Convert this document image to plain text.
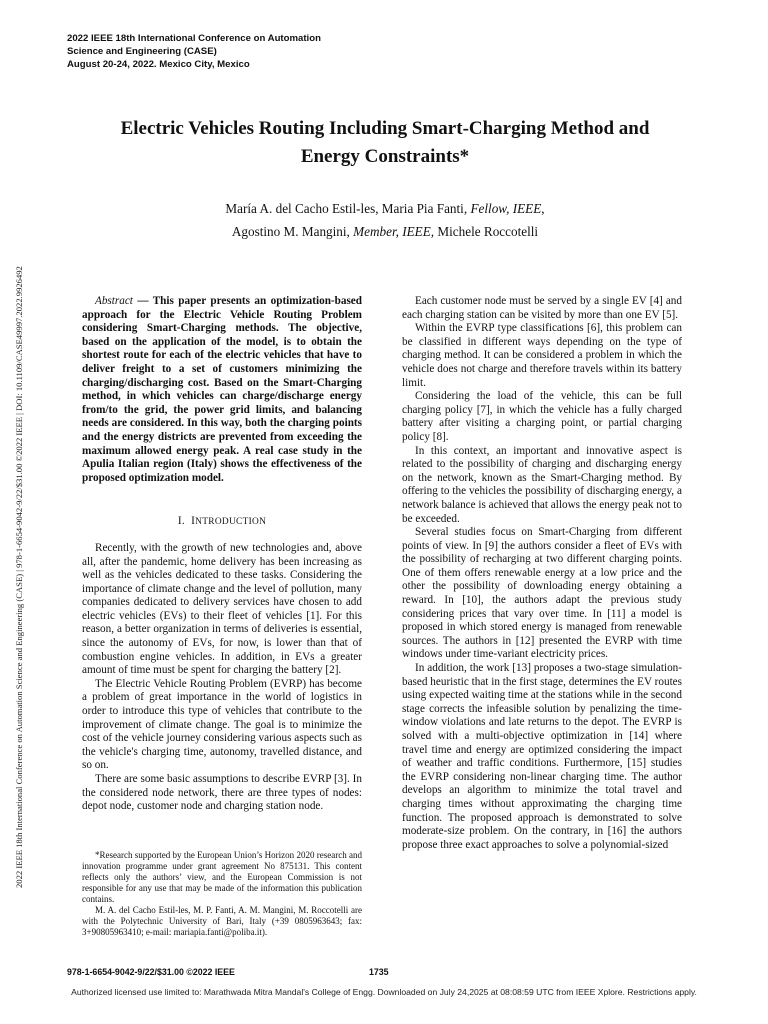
2022 IEEE 18th International Conference on Automation
Science and Engineering (CASE)
August 20-24, 2022. Mexico City, Mexico
2022 IEEE 18th International Conference on Automation Science and Engineering (CASE) | 978-1-6654-9042-9/22/$31.00 ©2022 IEEE | DOI: 10.1109/CASE49997.2022.9926492
Electric Vehicles Routing Including Smart-Charging Method and
Energy Constraints*
María A. del Cacho Estil-les, Maria Pia Fanti, Fellow, IEEE,
Agostino M. Mangini, Member, IEEE, Michele Roccotelli

Abstract — This paper presents an optimization-based approach for the Electric Vehicle Routing Problem considering Smart-Charging methods. The objective, based on the application of the model, is to obtain the shortest route for each of the electric vehicles that have to deliver freight to a set of customers minimizing the charging/discharging cost. Based on the Smart-Charging method, in which vehicles can charge/discharge energy from/to the grid, the power grid limits, and balancing needs are considered. In this way, both the charging points and the energy districts are prevented from exceeding the maximum allowed energy peak. A real case study in the Apulia Italian region (Italy) shows the effectiveness of the proposed optimization model.

I. INTRODUCTION

Recently, with the growth of new technologies and, above all, after the pandemic, home delivery has been increasing as well as the vehicles dedicated to these tasks. Considering the importance of climate change and the level of pollution, many companies dedicated to delivery services have chosen to add electric vehicles (EVs) to their fleet of vehicles [1]. For this reason, a better organization in terms of deliveries is essential, since the autonomy of EVs, for now, is lower than that of combustion engine vehicles. In addition, in EVs a greater amount of time must be spent for charging the battery [2].

The Electric Vehicle Routing Problem (EVRP) has become a problem of great importance in the world of logistics in order to introduce this type of vehicles that contribute to the improvement of climate change. The goal is to minimize the cost of the vehicle journey considering various aspects such as the vehicle's charging time, autonomy, travelled distance, and so on.

There are some basic assumptions to describe EVRP [3]. In the considered node network, there are three types of nodes: depot node, customer node and charging station node.

*Research supported by the European Union’s Horizon 2020 research and innovation programme under grant agreement No 875131. This content reflects only the authors’ view, and the European Commission is not responsible for any use that may be made of the information this publication contains.

M. A. del Cacho Estil-les, M. P. Fanti, A. M. Mangini, M. Roccotelli are with the Polytechnic University of Bari, Italy (+39 0805963643; fax: 3+90805963410; e-mail: mariapia.fanti@poliba.it).

Each customer node must be served by a single EV [4] and each charging station can be visited by more than one EV [5].

Within the EVRP type classifications [6], this problem can be classified in different ways depending on the type of charging method. It can be considered a problem in which the vehicle does not charge and therefore travels within its battery limit.

Considering the load of the vehicle, this can be full charging policy [7], in which the vehicle has a fully charged battery after visiting a charging point, or partial charging policy [8].

In this context, an important and innovative aspect is related to the possibility of charging and discharging energy on the network, known as the Smart-Charging method. By offering to the vehicles the possibility of discharging energy, a network balance is achieved that allows the energy peak not to be exceeded.

Several studies focus on Smart-Charging from different points of view. In [9] the authors consider a fleet of EVs with the possibility of recharging at two different charging points. One of them offers renewable energy at a low price and the other the possibility of downloading energy obtaining a reward. In [10], the authors adapt the previous study considering prices that vary over time. In [11] a model is proposed in which stored energy is managed from renewable sources. The authors in [12] presented the EVRP with time windows under time-variant electricity prices.

In addition, the work [13] proposes a two-stage simulation-based heuristic that in the first stage, determines the EV routes using expected waiting time at the stations while in the second stage corrects the infeasible solution by penalizing the time-window violations and late returns to the depot. The EVRP is solved with a multi-objective optimization in [14] where travel time and energy are optimized considering the impact of weather and traffic conditions. Furthermore, [15] studies the EVRP considering non-linear charging time. The author develops an algorithm to minimize the total travel and charging times without approximating the charging time function. The proposed approach is demonstrated to solve moderate-size problem. On the contrary, in [16] the authors propose three exact approaches to solve a polynomial-sized

978-1-6654-9042-9/22/$31.00 ©2022 IEEE	1735
Authorized licensed use limited to: Marathwada Mitra Mandal's College of Engg. Downloaded on July 24,2025 at 08:08:59 UTC from IEEE Xplore. Restrictions apply.
